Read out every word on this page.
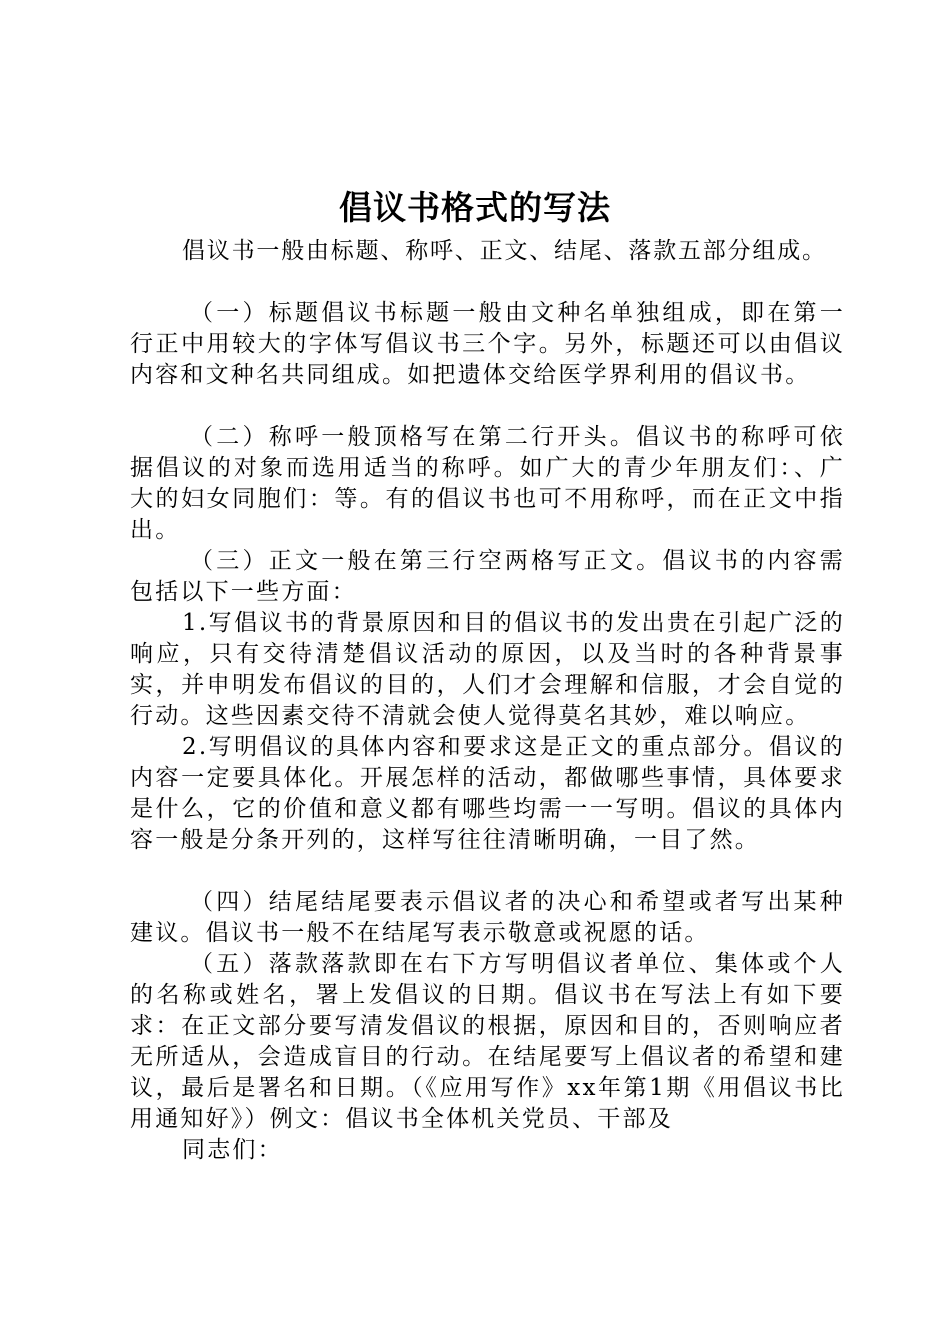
倡议书格式的写法

倡议书一般由标题、称呼、正文、结尾、落款五部分组成。

（一）标题倡议书标题一般由文种名单独组成，即在第一行正中用较大的字体写倡议书三个字。另外，标题还可以由倡议内容和文种名共同组成。如把遗体交给医学界利用的倡议书。

（二）称呼一般顶格写在第二行开头。倡议书的称呼可依据倡议的对象而选用适当的称呼。如广大的青少年朋友们：、广大的妇女同胞们：等。有的倡议书也可不用称呼，而在正文中指出。

（三）正文一般在第三行空两格写正文。倡议书的内容需包括以下一些方面：

1.写倡议书的背景原因和目的倡议书的发出贵在引起广泛的响应，只有交待清楚倡议活动的原因，以及当时的各种背景事实，并申明发布倡议的目的，人们才会理解和信服，才会自觉的行动。这些因素交待不清就会使人觉得莫名其妙，难以响应。

2.写明倡议的具体内容和要求这是正文的重点部分。倡议的内容一定要具体化。开展怎样的活动，都做哪些事情，具体要求是什么，它的价值和意义都有哪些均需一一写明。倡议的具体内容一般是分条开列的，这样写往往清晰明确，一目了然。

（四）结尾结尾要表示倡议者的决心和希望或者写出某种建议。倡议书一般不在结尾写表示敬意或祝愿的话。

（五）落款落款即在右下方写明倡议者单位、集体或个人的名称或姓名，署上发倡议的日期。倡议书在写法上有如下要求：在正文部分要写清发倡议的根据，原因和目的，否则响应者无所适从，会造成盲目的行动。在结尾要写上倡议者的希望和建议，最后是署名和日期。（《应用写作》xx年第1期《用倡议书比用通知好》）例文：倡议书全体机关党员、干部及

同志们：
